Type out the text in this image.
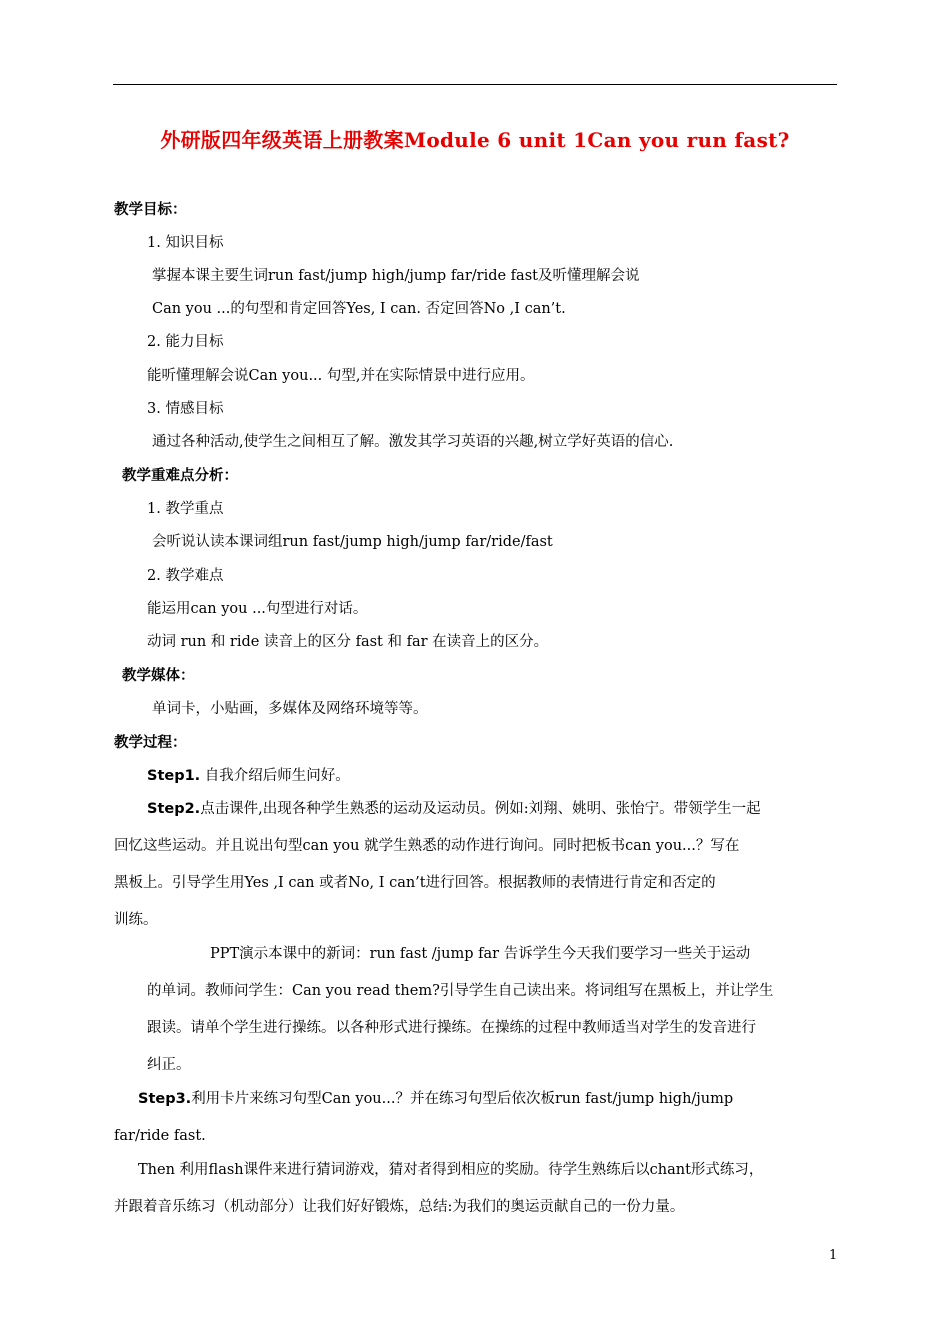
外研版四年级英语上册教案Module 6 unit 1Can you run fast?
教学目标：
1. 知识目标
掌握本课主要生词run fast/jump high/jump far/ride fast及听懂理解会说
Can you ...的句型和肯定回答Yes, I can. 否定回答No ,I can’t.
2. 能力目标
能听懂理解会说Can you... 句型,并在实际情景中进行应用。
3. 情感目标
通过各种活动,使学生之间相互了解。激发其学习英语的兴趣,树立学好英语的信心.
教学重难点分析：
1. 教学重点
会听说认读本课词组run fast/jump high/jump far/ride/fast
2. 教学难点
能运用can you ...句型进行对话。
动词 run 和 ride 读音上的区分 fast 和 far 在读音上的区分。
教学媒体：
单词卡，小贴画，多媒体及网络环境等等。
教学过程：
Step1. 自我介绍后师生问好。
Step2.点击课件,出现各种学生熟悉的运动及运动员。例如:刘翔、姚明、张怡宁。带领学生一起
回忆这些运动。并且说出句型can you 就学生熟悉的动作进行询问。同时把板书can you...？写在
黑板上。引导学生用Yes ,I can 或者No, I can’t进行回答。根据教师的表情进行肯定和否定的
训练。
PPT演示本课中的新词：run fast /jump far 告诉学生今天我们要学习一些关于运动
的单词。教师问学生：Can you read them?引导学生自己读出来。将词组写在黑板上，并让学生
跟读。请单个学生进行操练。以各种形式进行操练。在操练的过程中教师适当对学生的发音进行
纠正。
Step3.利用卡片来练习句型Can you...？并在练习句型后依次板run fast/jump high/jump
far/ride fast.
Then 利用flash课件来进行猜词游戏，猜对者得到相应的奖励。待学生熟练后以chant形式练习，
并跟着音乐练习（机动部分）让我们好好锻炼，总结:为我们的奥运贡献自己的一份力量。
1
